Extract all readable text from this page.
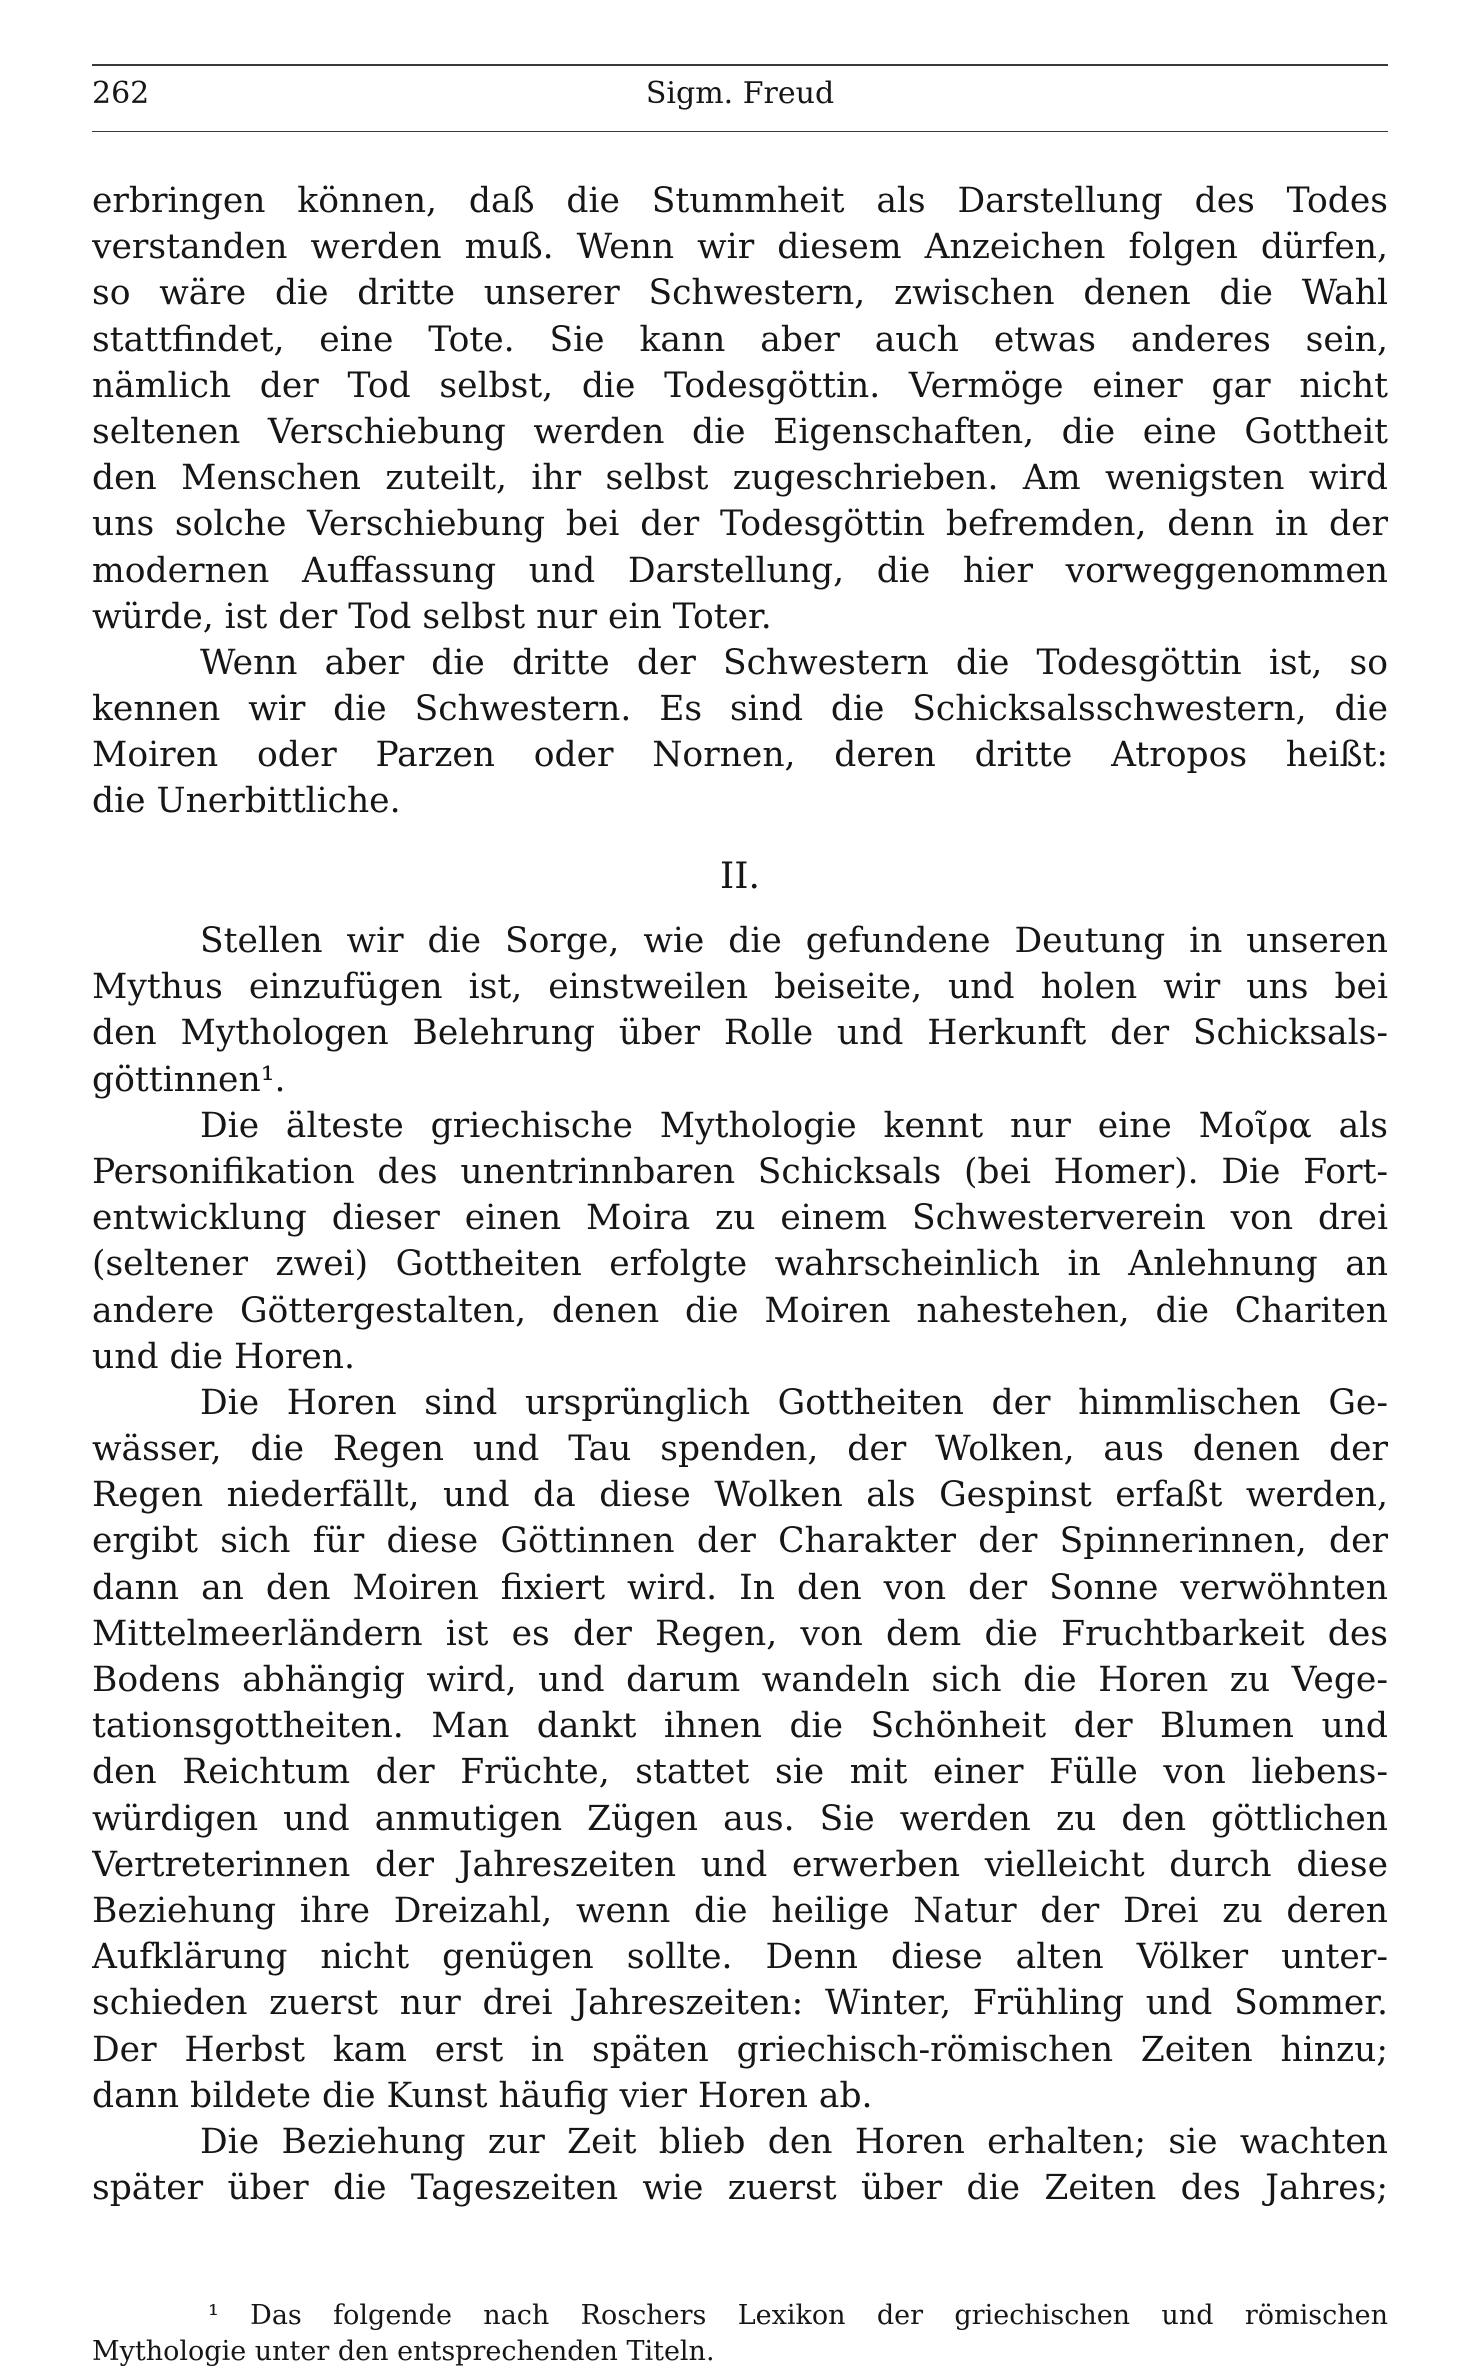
262	Sigm. Freud
erbringen können, daß die Stummheit als Darstellung des Todes
verstanden werden muß. Wenn wir diesem Anzeichen folgen dürfen,
so wäre die dritte unserer Schwestern, zwischen denen die Wahl
stattfindet, eine Tote. Sie kann aber auch etwas anderes sein,
nämlich der Tod selbst, die Todesgöttin. Vermöge einer gar nicht
seltenen Verschiebung werden die Eigenschaften, die eine Gottheit
den Menschen zuteilt, ihr selbst zugeschrieben. Am wenigsten wird
uns solche Verschiebung bei der Todesgöttin befremden, denn in der
modernen Auffassung und Darstellung, die hier vorweggenommen
würde, ist der Tod selbst nur ein Toter.
Wenn aber die dritte der Schwestern die Todesgöttin ist, so
kennen wir die Schwestern. Es sind die Schicksalsschwestern, die
Moiren oder Parzen oder Nornen, deren dritte Atropos heißt:
die Unerbittliche.
II.
Stellen wir die Sorge, wie die gefundene Deutung in unseren
Mythus einzufügen ist, einstweilen beiseite, und holen wir uns bei
den Mythologen Belehrung über Rolle und Herkunft der Schicksals-
göttinnen¹.
Die älteste griechische Mythologie kennt nur eine Μοῖρα als
Personifikation des unentrinnbaren Schicksals (bei Homer). Die Fort-
entwicklung dieser einen Moira zu einem Schwesterverein von drei
(seltener zwei) Gottheiten erfolgte wahrscheinlich in Anlehnung an
andere Göttergestalten, denen die Moiren nahestehen, die Chariten
und die Horen.
Die Horen sind ursprünglich Gottheiten der himmlischen Ge-
wässer, die Regen und Tau spenden, der Wolken, aus denen der
Regen niederfällt, und da diese Wolken als Gespinst erfaßt werden,
ergibt sich für diese Göttinnen der Charakter der Spinnerinnen, der
dann an den Moiren fixiert wird. In den von der Sonne verwöhnten
Mittelmeerländern ist es der Regen, von dem die Fruchtbarkeit des
Bodens abhängig wird, und darum wandeln sich die Horen zu Vege-
tationsgottheiten. Man dankt ihnen die Schönheit der Blumen und
den Reichtum der Früchte, stattet sie mit einer Fülle von liebens-
würdigen und anmutigen Zügen aus. Sie werden zu den göttlichen
Vertreterinnen der Jahreszeiten und erwerben vielleicht durch diese
Beziehung ihre Dreizahl, wenn die heilige Natur der Drei zu deren
Aufklärung nicht genügen sollte. Denn diese alten Völker unter-
schieden zuerst nur drei Jahreszeiten: Winter, Frühling und Sommer.
Der Herbst kam erst in späten griechisch-römischen Zeiten hinzu;
dann bildete die Kunst häufig vier Horen ab.
Die Beziehung zur Zeit blieb den Horen erhalten; sie wachten
später über die Tageszeiten wie zuerst über die Zeiten des Jahres;
¹ Das folgende nach Roschers Lexikon der griechischen und römischen
Mythologie unter den entsprechenden Titeln.
